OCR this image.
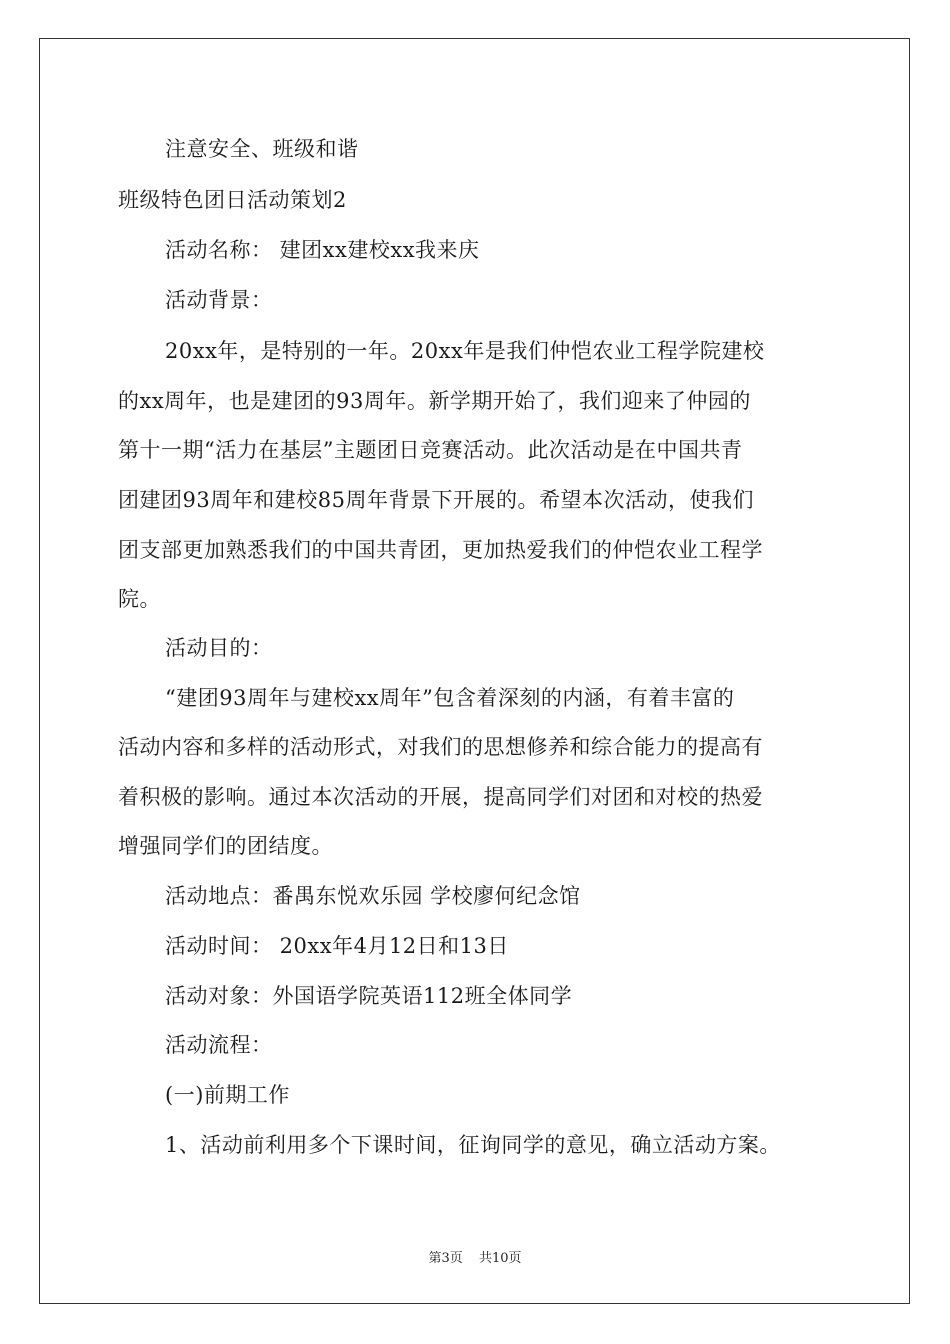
注意安全、班级和谐
班级特色团日活动策划2
活动名称： 建团xx建校xx我来庆
活动背景：
20xx年，是特别的一年。20xx年是我们仲恺农业工程学院建校
的xx周年，也是建团的93周年。新学期开始了，我们迎来了仲园的
第十一期“活力在基层”主题团日竞赛活动。此次活动是在中国共青
团建团93周年和建校85周年背景下开展的。希望本次活动，使我们
团支部更加熟悉我们的中国共青团，更加热爱我们的仲恺农业工程学
院。
活动目的：
“建团93周年与建校xx周年”包含着深刻的内涵，有着丰富的
活动内容和多样的活动形式，对我们的思想修养和综合能力的提高有
着积极的影响。通过本次活动的开展，提高同学们对团和对校的热爱
增强同学们的团结度。
活动地点：番禺东悦欢乐园 学校廖何纪念馆
活动时间： 20xx年4月12日和13日
活动对象：外国语学院英语112班全体同学
活动流程：
(一)前期工作
1、活动前利用多个下课时间，征询同学的意见，确立活动方案。
第3页 共10页
